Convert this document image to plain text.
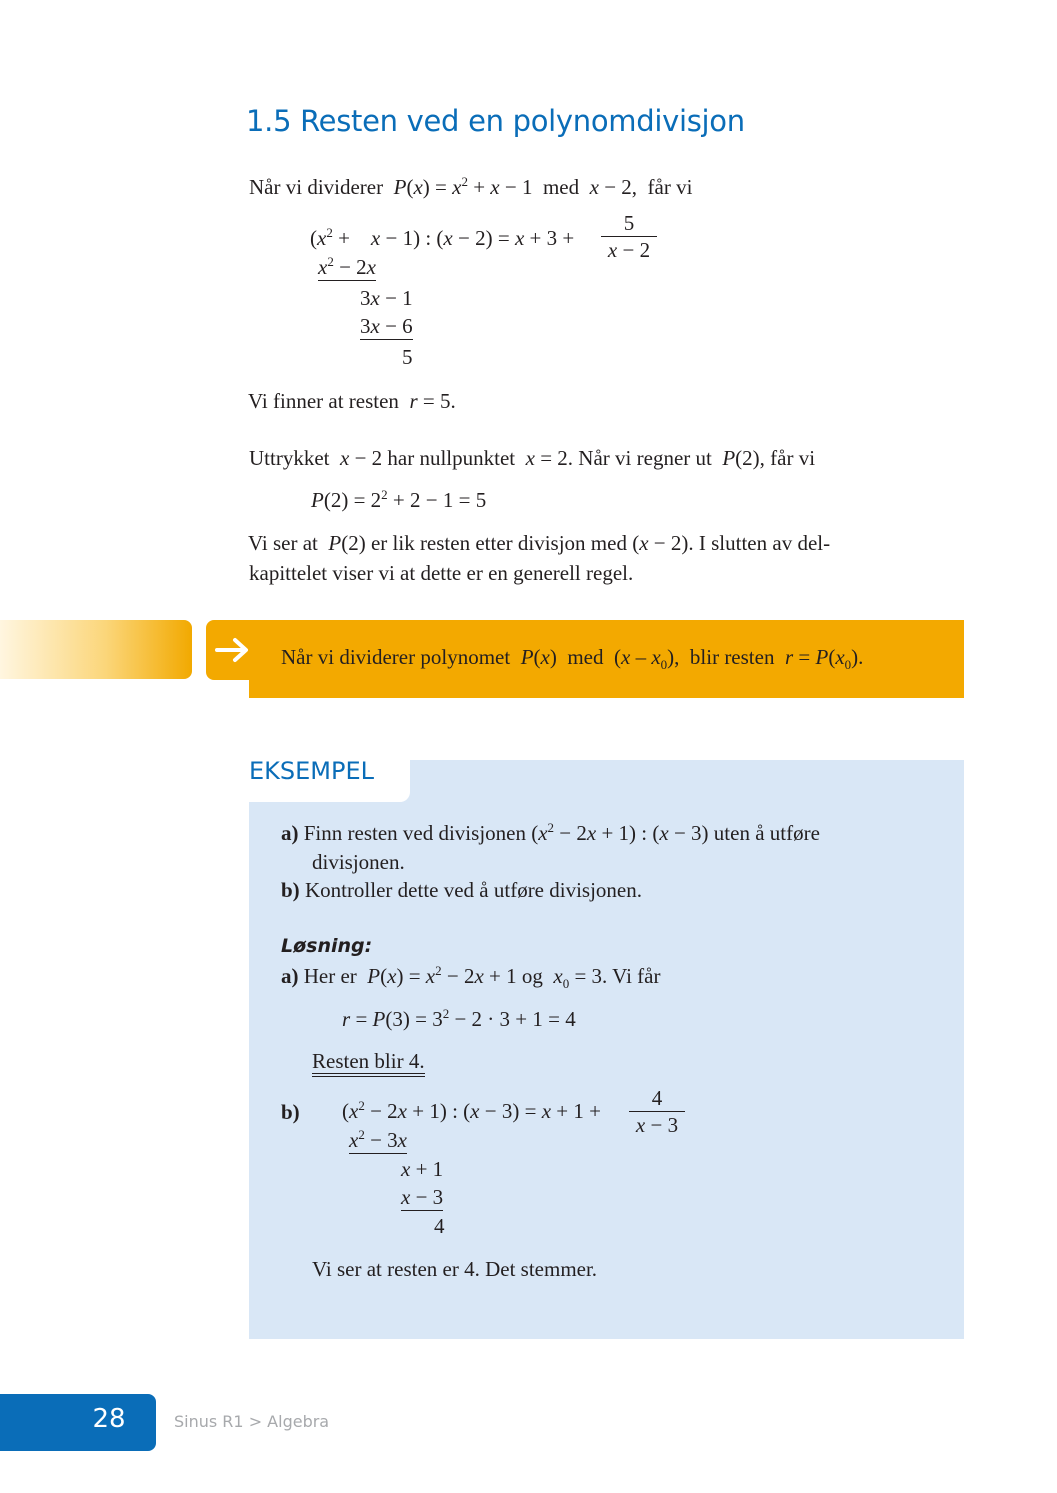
1.5 Resten ved en polynomdivisjon
Når vi dividerer $P(x) = x^2 + x - 1$ med x − 2, får vi
($x^2$ +    x − 1) : $(x - 2) = x + 3 + \frac{5}{x - 2}$
$x^2 - 2x$
3x − 1
3x − 6
5
Vi finner at resten r = 5.
Uttrykket x − 2 har nullpunktet x = 2. Når vi regner ut P(2), får vi
$P(2) = 2^2 + 2 - 1 = 5$
Vi ser at P(2) er lik resten etter divisjon med (x − 2). I slutten av del-
kapittelet viser vi at dette er en generell regel.
Når vi dividerer polynomet P(x)  med  $(x - x_0)$,  blir resten $r = P(x_0)$.
EKSEMPEL
a) Finn resten ved divisjonen $(x^2 - 2x + 1)$ : (x − 3) uten å utføre
divisjonen.
b) Kontroller dette ved å utføre divisjonen.
Løsning:
a) Her er $P(x) = x^2 - 2x + 1$ og $x_0 = 3$. Vi får
$r = P(3) = 3^2 - 2 \cdot 3 + 1 = 4$
Resten blir 4.
b) $(x^2 - 2x + 1)$ : $(x - 3) = x + 1 + \frac{4}{x - 3}$
$x^2 - 3x$
x + 1
x − 3
4
Vi ser at resten er 4. Det stemmer.
28	Sinus R1 > Algebra
